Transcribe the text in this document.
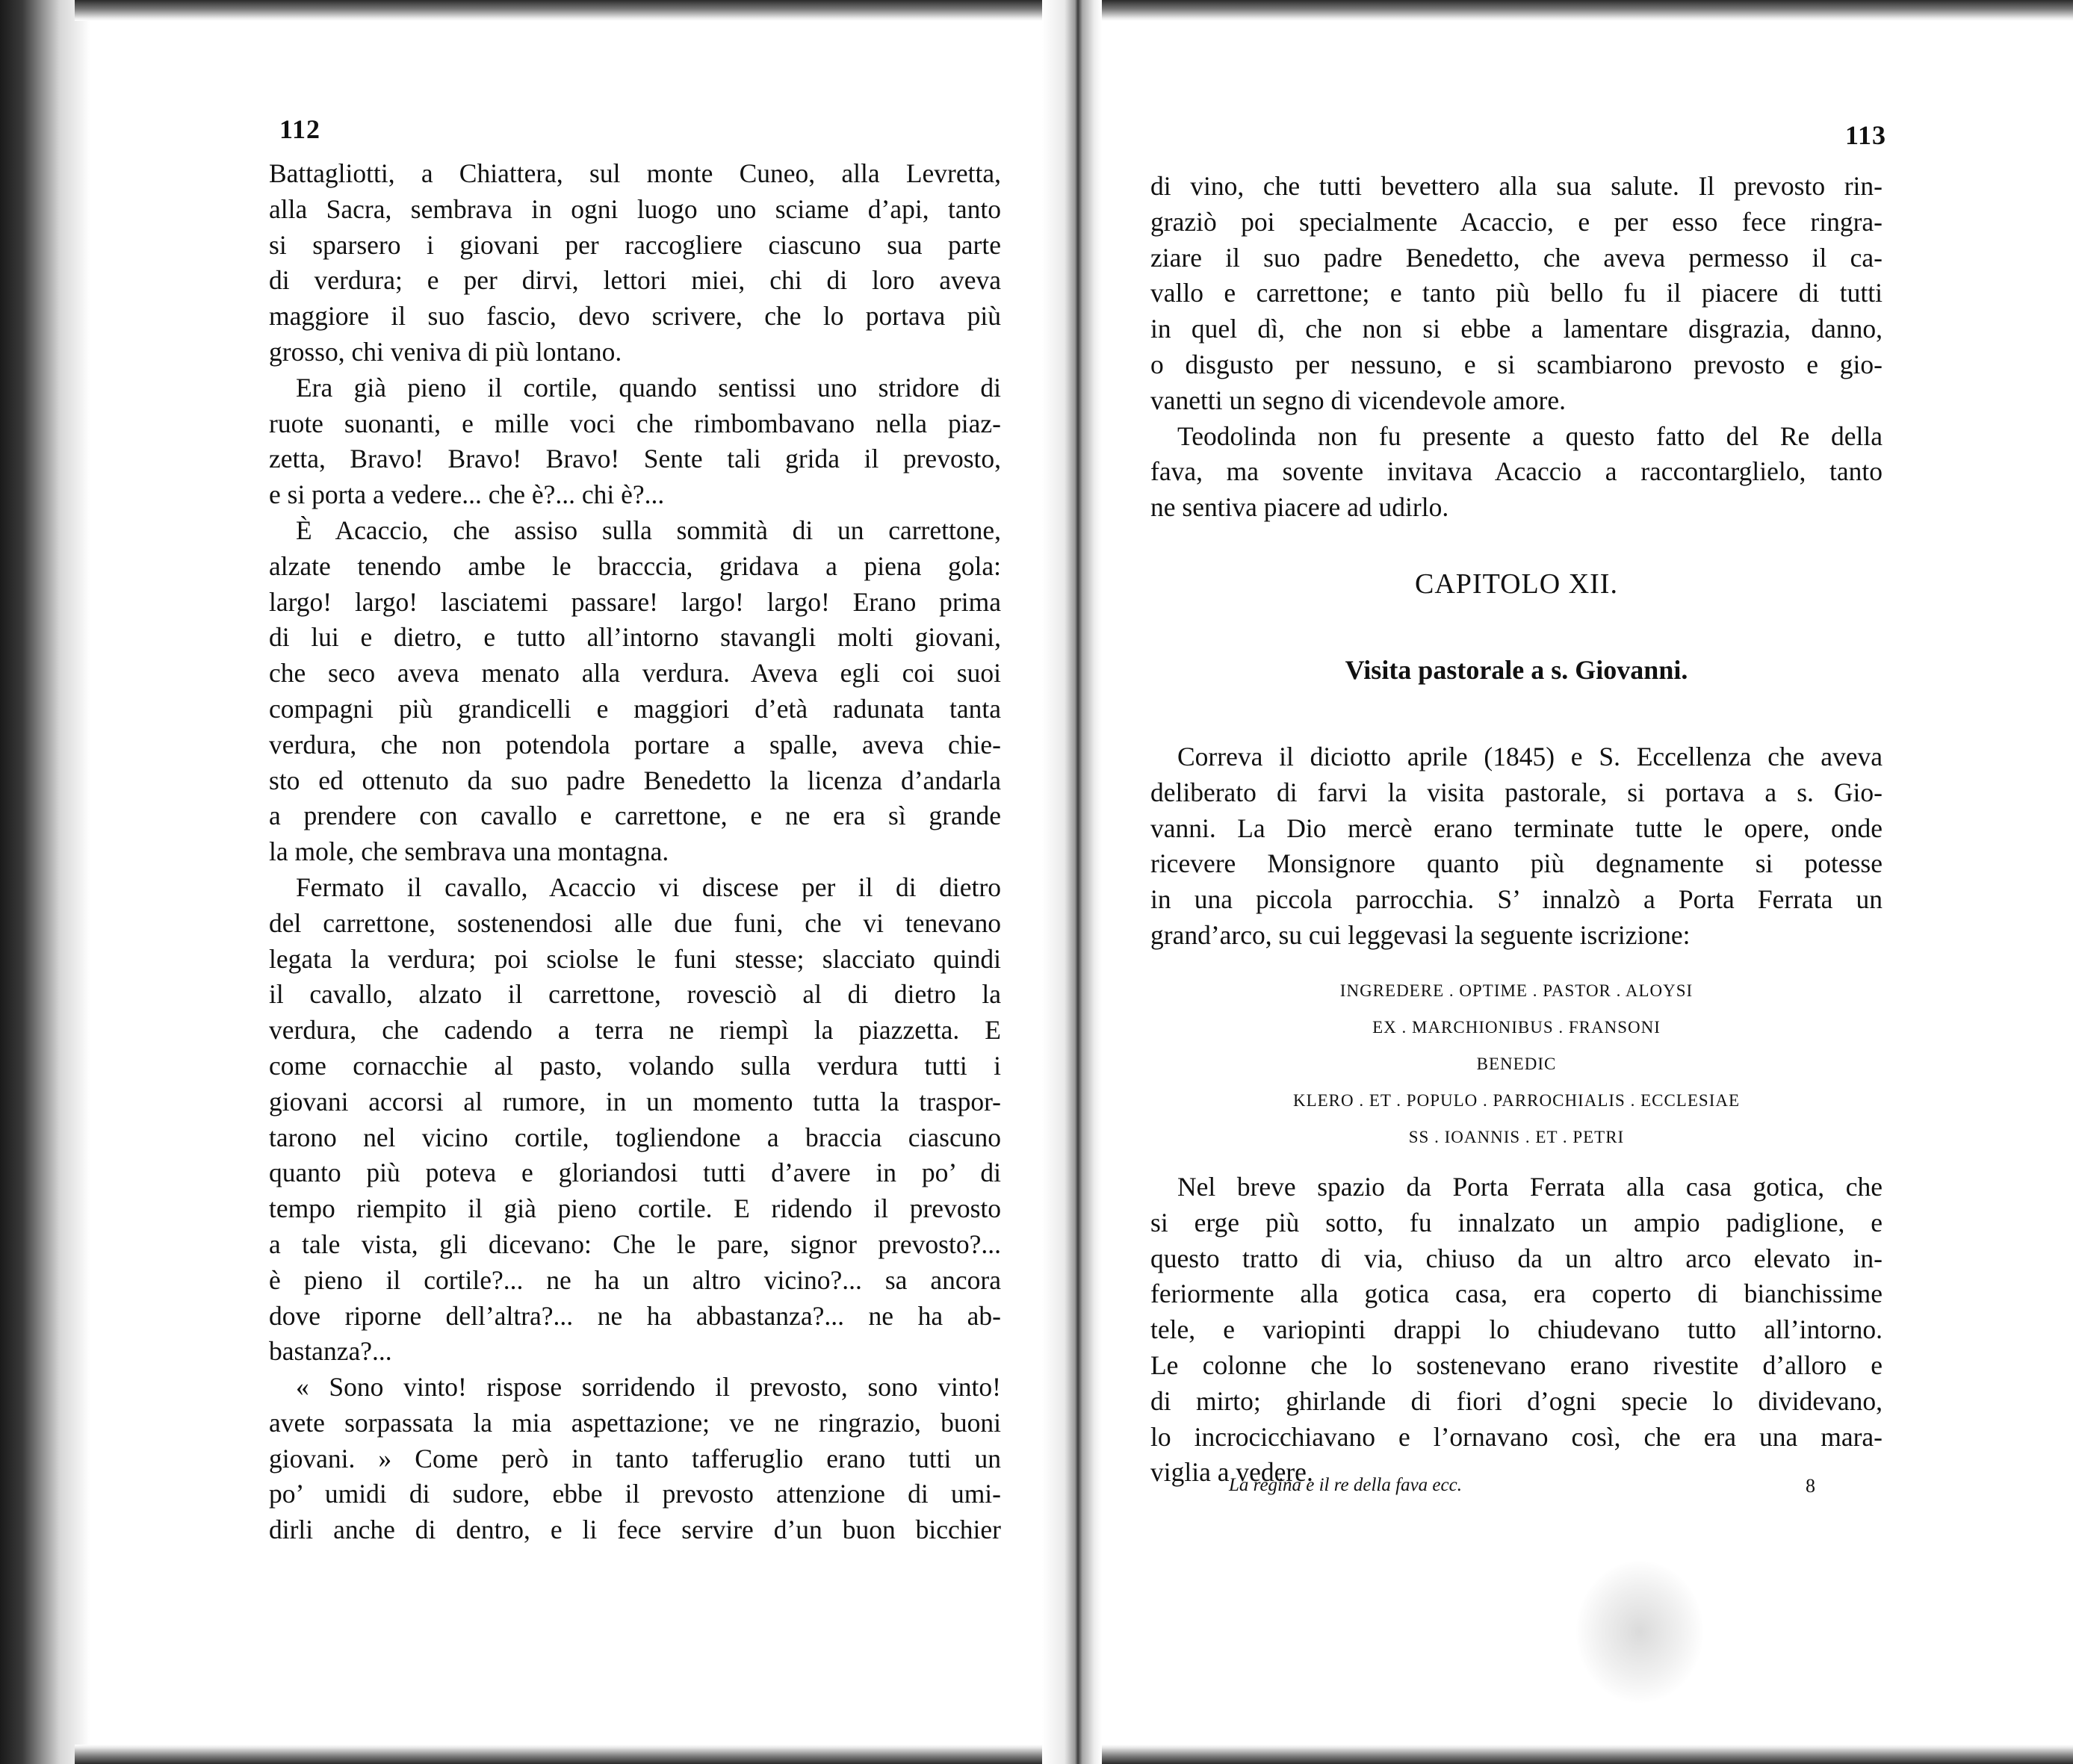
112
Battagliotti, a Chiattera, sul monte Cuneo, alla Levretta,
alla Sacra, sembrava in ogni luogo uno sciame d’api, tanto
si sparsero i giovani per raccogliere ciascuno sua parte
di verdura; e per dirvi, lettori miei, chi di loro aveva
maggiore il suo fascio, devo scrivere, che lo portava più
grosso, chi veniva di più lontano.
Era già pieno il cortile, quando sentissi uno stridore di
ruote suonanti, e mille voci che rimbombavano nella piaz-
zetta, Bravo! Bravo! Bravo! Sente tali grida il prevosto,
e si porta a vedere... che è?... chi è?...
È Acaccio, che assiso sulla sommità di un carrettone,
alzate tenendo ambe le bracccia, gridava a piena gola:
largo! largo! lasciatemi passare! largo! largo! Erano prima
di lui e dietro, e tutto all’intorno stavangli molti giovani,
che seco aveva menato alla verdura. Aveva egli coi suoi
compagni più grandicelli e maggiori d’età radunata tanta
verdura, che non potendola portare a spalle, aveva chie-
sto ed ottenuto da suo padre Benedetto la licenza d’andarla
a prendere con cavallo e carrettone, e ne era sì grande
la mole, che sembrava una montagna.
Fermato il cavallo, Acaccio vi discese per il di dietro
del carrettone, sostenendosi alle due funi, che vi tenevano
legata la verdura; poi sciolse le funi stesse; slacciato quindi
il cavallo, alzato il carrettone, rovesciò al di dietro la
verdura, che cadendo a terra ne riempì la piazzetta. E
come cornacchie al pasto, volando sulla verdura tutti i
giovani accorsi al rumore, in un momento tutta la traspor-
tarono nel vicino cortile, togliendone a braccia ciascuno
quanto più poteva e gloriandosi tutti d’avere in po’ di
tempo riempito il già pieno cortile. E ridendo il prevosto
a tale vista, gli dicevano: Che le pare, signor prevosto?...
è pieno il cortile?... ne ha un altro vicino?... sa ancora
dove riporne dell’altra?... ne ha abbastanza?... ne ha ab-
bastanza?...
« Sono vinto! rispose sorridendo il prevosto, sono vinto!
avete sorpassata la mia aspettazione; ve ne ringrazio, buoni
giovani. » Come però in tanto tafferuglio erano tutti un
po’ umidi di sudore, ebbe il prevosto attenzione di umi-
dirli anche di dentro, e li fece servire d’un buon bicchier
113
di vino, che tutti bevettero alla sua salute. Il prevosto rin-
graziò poi specialmente Acaccio, e per esso fece ringra-
ziare il suo padre Benedetto, che aveva permesso il ca-
vallo e carrettone; e tanto più bello fu il piacere di tutti
in quel dì, che non si ebbe a lamentare disgrazia, danno,
o disgusto per nessuno, e si scambiarono prevosto e gio-
vanetti un segno di vicendevole amore.
Teodolinda non fu presente a questo fatto del Re della
fava, ma sovente invitava Acaccio a raccontarglielo, tanto
ne sentiva piacere ad udirlo.
CAPITOLO XII.
Visita pastorale a s. Giovanni.
Correva il diciotto aprile (1845) e S. Eccellenza che aveva
deliberato di farvi la visita pastorale, si portava a s. Gio-
vanni. La Dio mercè erano terminate tutte le opere, onde
ricevere Monsignore quanto più degnamente si potesse
in una piccola parrocchia. S’ innalzò a Porta Ferrata un
grand’arco, su cui leggevasi la seguente iscrizione:
INGREDERE . OPTIME . PASTOR . ALOYSI
EX . MARCHIONIBUS . FRANSONI
BENEDIC
KLERO . ET . POPULO . PARROCHIALIS . ECCLESIAE
SS . IOANNIS . ET . PETRI
Nel breve spazio da Porta Ferrata alla casa gotica, che
si erge più sotto, fu innalzato un ampio padiglione, e
questo tratto di via, chiuso da un altro arco elevato in-
feriormente alla gotica casa, era coperto di bianchissime
tele, e variopinti drappi lo chiudevano tutto all’intorno.
Le colonne che lo sostenevano erano rivestite d’alloro e
di mirto; ghirlande di fiori d’ogni specie lo dividevano,
lo incrocicchiavano e l’ornavano così, che era una mara-
viglia a vedere.
La regina e il re della fava ecc.	8
